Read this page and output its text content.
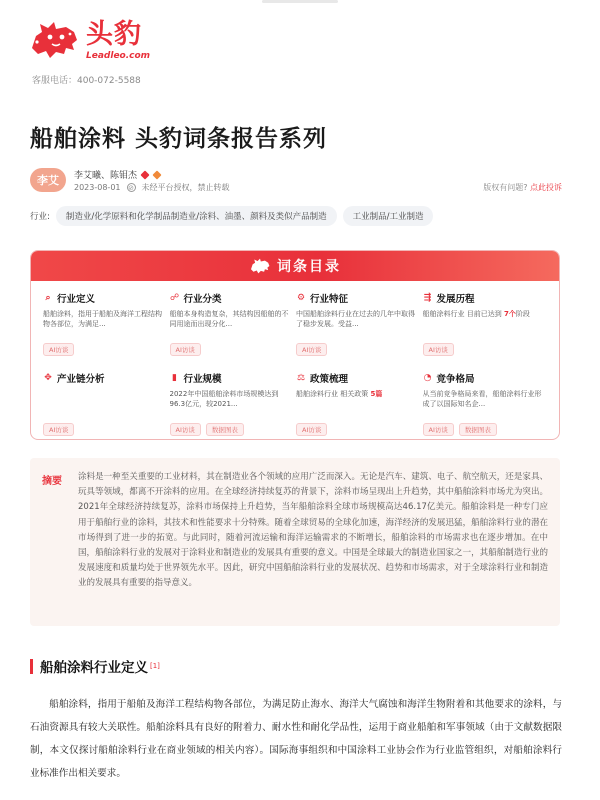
头豹
Leadleo.com
客服电话：400-072-5588
船舶涂料 头豹词条报告系列
李艾	李艾曦、陈钼杰
2023-08-01 ⊘ 未经平台授权，禁止转载	版权有问题? 点此投诉
行业:	制造业/化学原料和化学制品制造业/涂料、油墨、颜料及类似产品制造	工业制品/工业制造
词条目录
⌕ 行业定义
船舶涂料，指用于船舶及海洋工程结构物各部位，为满足...
AI访谈
☍ 行业分类
船舶本身构造复杂，其结构因船舶的不同用途而出现分化...
AI访谈
⚙ 行业特征
中国船舶涂料行业在过去的几年中取得了稳步发展。受益...
AI访谈
⇶ 发展历程
船舶涂料行业 目前已达到 7个阶段
AI访谈
✥ 产业链分析
AI访谈
▮ 行业规模
2022年中国船舶涂料市场规模达到96.3亿元，较2021...
AI访谈	数据图表
⚖ 政策梳理
船舶涂料行业 相关政策 5篇
AI访谈
◔ 竞争格局
从当前竞争格局来看，船舶涂料行业形成了以国际知名企...
AI访谈	数据图表
摘要 涂料是一种至关重要的工业材料，其在制造业各个领域的应用广泛而深入。无论是汽车、建筑、电子、航空航天，还是家具、玩具等领域，都离不开涂料的应用。在全球经济持续复苏的背景下，涂料市场呈现出上升趋势，其中船舶涂料市场尤为突出。2021年全球经济持续复苏，涂料市场保持上升趋势，当年船舶涂料全球市场规模高达46.17亿美元。船舶涂料是一种专门应用于船舶行业的涂料，其技术和性能要求十分特殊。随着全球贸易的全球化加速，海洋经济的发展迅猛，船舶涂料行业的潜在市场得到了进一步的拓宽。与此同时，随着河流运输和海洋运输需求的不断增长，船舶涂料的市场需求也在逐步增加。在中国，船舶涂料行业的发展对于涂料业和制造业的发展具有重要的意义。中国是全球最大的制造业国家之一，其船舶制造行业的发展速度和质量均处于世界领先水平。因此，研究中国船舶涂料行业的发展状况、趋势和市场需求，对于全球涂料行业和制造业的发展具有重要的指导意义。
船舶涂料行业定义 [1]

船舶涂料，指用于船舶及海洋工程结构物各部位，为满足防止海水、海洋大气腐蚀和海洋生物附着和其他要求的涂料，与石油资源具有较大关联性。船舶涂料具有良好的附着力、耐水性和耐化学品性，运用于商业船舶和军事领域（由于文献数据限制，本文仅探讨船舶涂料行业在商业领域的相关内容）。国际海事组织和中国涂料工业协会作为行业监管组织，对船舶涂料行业标准作出相关要求。
